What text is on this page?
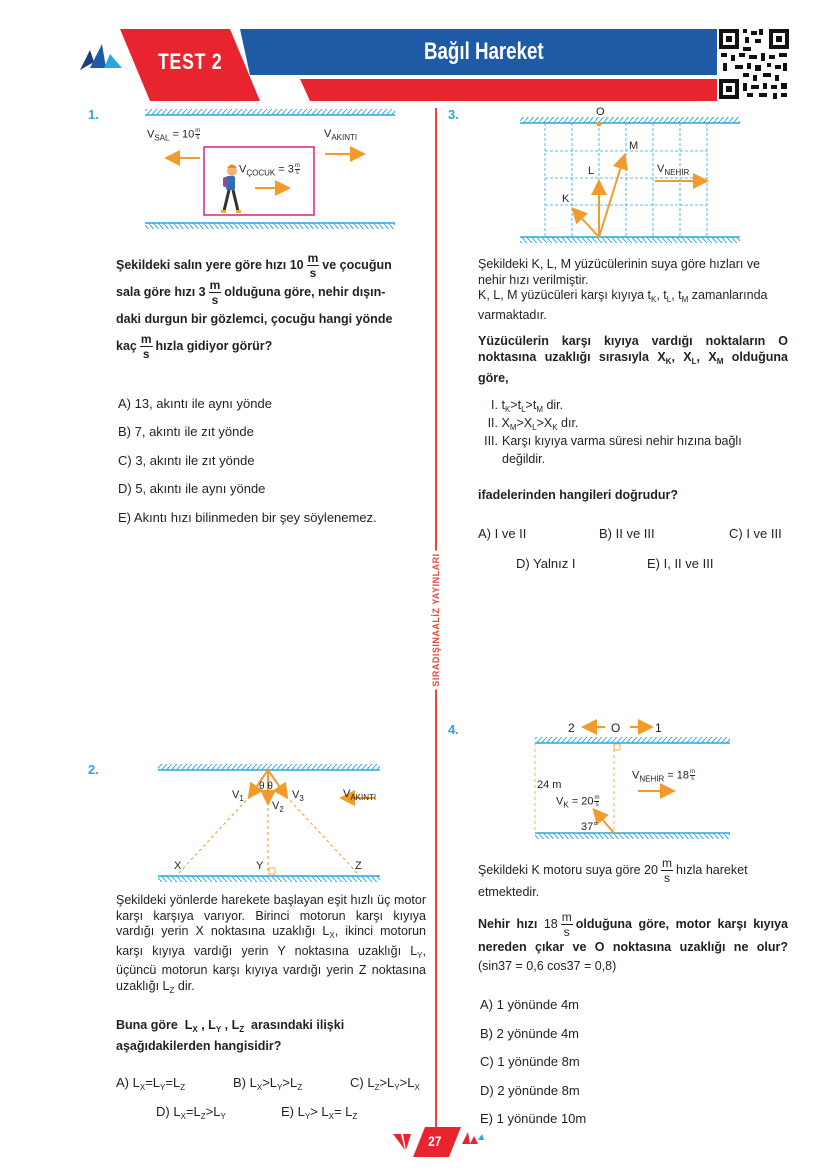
TEST 2	Bağıl Hareket
SIRADIŞINAALİZ YAYINLARI
1.
$V_{SAL} = 10 \frac{m}{s}$	$V_{AKINTI}$
$V_{ÇOCUK} = 3 \frac{m}{s}$
Şekildeki salın yere göre hızı $10 \frac{m}{s}$ ve çocuğun
sala göre hızı $3 \frac{m}{s}$ olduğuna göre, nehir dışın-
daki durgun bir gözlemci, çocuğu hangi yönde
kaç $\frac{m}{s}$ hızla gidiyor görür?
A) 13, akıntı ile aynı yönde
B) 7, akıntı ile zıt yönde
C) 3, akıntı ile zıt yönde
D) 5, akıntı ile aynı yönde
E) Akıntı hızı bilinmeden bir şey söylenemez.
2.
$V_1$
θ θ
$V_2$
$V_3$	$V_{AKINTI}$
X	Y	Z
Şekildeki yönlerde harekete başlayan eşit hızlı üç motor karşı karşıya varıyor. Birinci motorun karşı kıyıya vardığı yerin X noktasına uzaklığı $L_X$, ikinci motorun karşı kıyıya vardığı yerin Y noktasına uzaklığı $L_Y$, üçüncü motorun karşı kıyıya vardığı yerin Z noktasına uzaklığı $L_Z$ dir.
Buna göre  $L_X$ , $L_Y$ , $L_Z$  arasındaki ilişki aşağıdakilerden hangisidir?
A) $L_X=L_Y=L_Z$	B) $L_X>L_Y>L_Z$	C) $L_Z>L_Y>L_X$
D) $L_X=L_Z>L_Y$	E) $L_Y> L_X= L_Z$
3.	O
M
L
K
$V_{NEHİR}$
Şekildeki K, L, M yüzücülerinin suya göre hızları ve nehir hızı verilmiştir.
K, L, M yüzücüleri karşı kıyıya $t_K$, $t_L$, $t_M$ zamanlarında varmaktadır.
Yüzücülerin karşı kıyıya vardığı noktaların O noktasına uzaklığı sırasıyla $X_K$, $X_L$, $X_M$ olduğuna göre,
I. $t_K>t_L>t_M$ dir.
II. $X_M>X_L>X_K$ dır.
III. Karşı kıyıya varma süresi nehir hızına bağlı değildir.
ifadelerinden hangileri doğrudur?
A) I ve II	B) II ve III	C) I ve III
D) Yalnız I	E) I, II ve III
4.	2	O	1
24 m
$V_K = 20 \frac{m}{s}$
37°
$V_{NEHİR} = 18 \frac{m}{s}$
Şekildeki K motoru suya göre $20 \frac{m}{s}$ hızla hareket etmektedir.
Nehir hızı $18 \frac{m}{s}$ olduğuna göre, motor karşı kıyıya nereden çıkar ve O noktasına uzaklığı ne olur? (sin37 = 0,6 cos37 = 0,8)
A) 1 yönünde 4m
B) 2 yönünde 4m
C) 1 yönünde 8m
D) 2 yönünde 8m
E) 1 yönünde 10m
27
